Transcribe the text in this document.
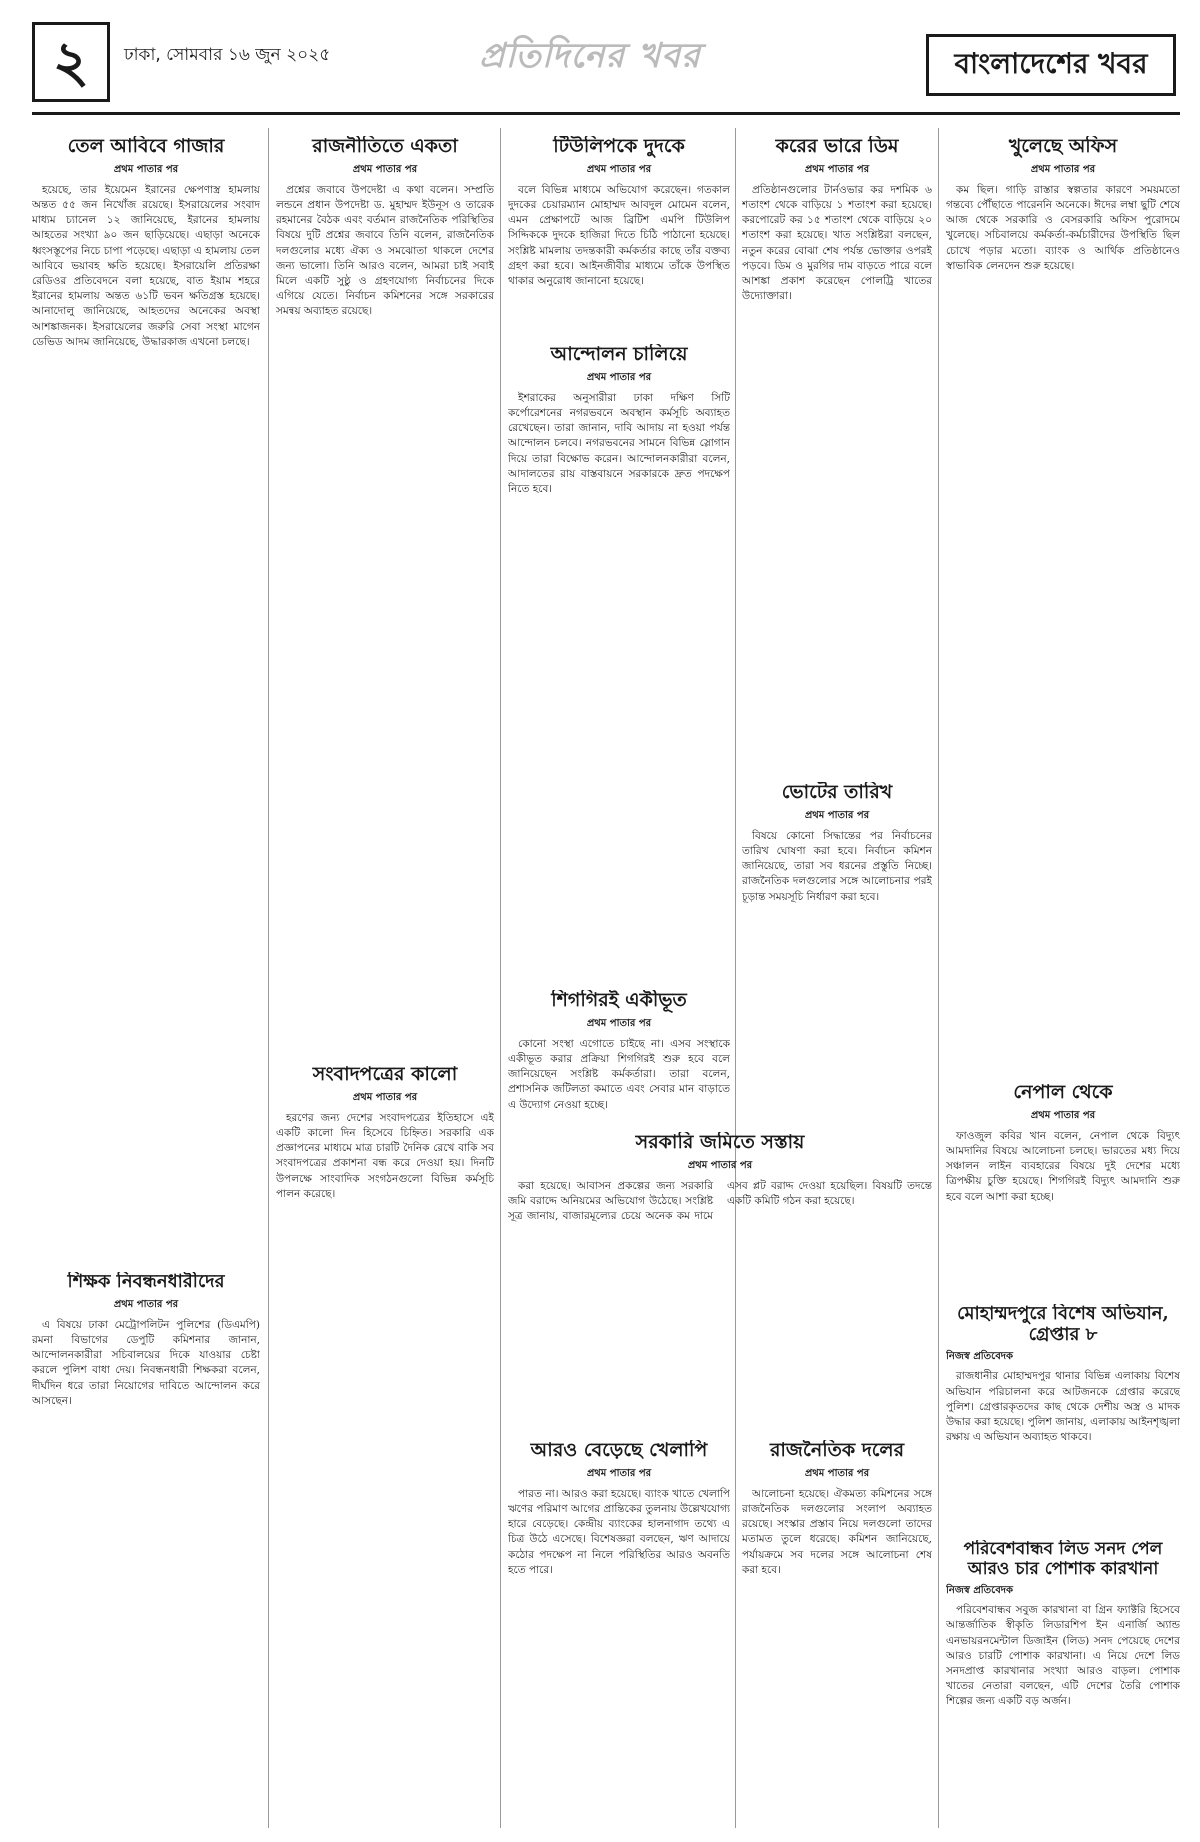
২	ঢাকা, সোমবার ১৬ জুন ২০২৫	প্রতিদিনের খবর	বাংলাদেশের খবর
তেল আবিবে গাজার
প্রথম পাতার পর

হয়েছে, তার ইয়েমেন ইরানের ক্ষেপণাস্ত্র হামলায় অন্তত ৫৫ জন নিখোঁজ রয়েছে। ইসরায়েলের সংবাদ মাধ্যম চ্যানেল ১২ জানিয়েছে, ইরানের হামলায় আহতের সংখ্যা ৯০ জন ছাড়িয়েছে। এছাড়া অনেকে ধ্বংসস্তূপের নিচে চাপা পড়েছে। এছাড়া এ হামলায় তেল আবিবে ভয়াবহ ক্ষতি হয়েছে। ইসরায়েলি প্রতিরক্ষা রেডিওর প্রতিবেদনে বলা হয়েছে, বাত ইয়াম শহরে ইরানের হামলায় অন্তত ৬১টি ভবন ক্ষতিগ্রস্ত হয়েছে। আনাদোলু জানিয়েছে, আহতদের অনেকের অবস্থা আশঙ্কাজনক। ইসরায়েলের জরুরি সেবা সংস্থা মাগেন ডেভিড আদম জানিয়েছে, উদ্ধারকাজ এখনো চলছে।

শিক্ষক নিবন্ধনধারীদের
প্রথম পাতার পর

এ বিষয়ে ঢাকা মেট্রোপলিটন পুলিশের (ডিএমপি) রমনা বিভাগের ডেপুটি কমিশনার জানান, আন্দোলনকারীরা সচিবালয়ের দিকে যাওয়ার চেষ্টা করলে পুলিশ বাধা দেয়। নিবন্ধনধারী শিক্ষকরা বলেন, দীর্ঘদিন ধরে তারা নিয়োগের দাবিতে আন্দোলন করে আসছেন।

রাজনীতিতে একতা
প্রথম পাতার পর

প্রশ্নের জবাবে উপদেষ্টা এ কথা বলেন। সম্প্রতি লন্ডনে প্রধান উপদেষ্টা ড. মুহাম্মদ ইউনূস ও তারেক রহমানের বৈঠক এবং বর্তমান রাজনৈতিক পরিস্থিতির বিষয়ে দুটি প্রশ্নের জবাবে তিনি বলেন, রাজনৈতিক দলগুলোর মধ্যে ঐক্য ও সমঝোতা থাকলে দেশের জন্য ভালো। তিনি আরও বলেন, আমরা চাই সবাই মিলে একটি সুষ্ঠু ও গ্রহণযোগ্য নির্বাচনের দিকে এগিয়ে যেতে। নির্বাচন কমিশনের সঙ্গে সরকারের সমন্বয় অব্যাহত রয়েছে।

সংবাদপত্রের কালো
প্রথম পাতার পর

হরণের জন্য দেশের সংবাদপত্রের ইতিহাসে এই একটি কালো দিন হিসেবে চিহ্নিত। সরকারি এক প্রজ্ঞাপনের মাধ্যমে মাত্র চারটি দৈনিক রেখে বাকি সব সংবাদপত্রের প্রকাশনা বন্ধ করে দেওয়া হয়। দিনটি উপলক্ষে সাংবাদিক সংগঠনগুলো বিভিন্ন কর্মসূচি পালন করেছে।

টিউলিপকে দুদকে
প্রথম পাতার পর

বলে বিভিন্ন মাধ্যমে অভিযোগ করেছেন। গতকাল দুদকের চেয়ারম্যান মোহাম্মদ আবদুল মোমেন বলেন, এমন প্রেক্ষাপটে আজ ব্রিটিশ এমপি টিউলিপ সিদ্দিককে দুদকে হাজিরা দিতে চিঠি পাঠানো হয়েছে। সংশ্লিষ্ট মামলায় তদন্তকারী কর্মকর্তার কাছে তাঁর বক্তব্য গ্রহণ করা হবে। আইনজীবীর মাধ্যমে তাঁকে উপস্থিত থাকার অনুরোধ জানানো হয়েছে।

আন্দোলন চালিয়ে
প্রথম পাতার পর

ইশরাকের অনুসারীরা ঢাকা দক্ষিণ সিটি কর্পোরেশনের নগরভবনে অবস্থান কর্মসূচি অব্যাহত রেখেছেন। তারা জানান, দাবি আদায় না হওয়া পর্যন্ত আন্দোলন চলবে। নগরভবনের সামনে বিভিন্ন স্লোগান দিয়ে তারা বিক্ষোভ করেন। আন্দোলনকারীরা বলেন, আদালতের রায় বাস্তবায়নে সরকারকে দ্রুত পদক্ষেপ নিতে হবে।

শিগগিরই একীভূত
প্রথম পাতার পর

কোনো সংস্থা এগোতে চাইছে না। এসব সংস্থাকে একীভূত করার প্রক্রিয়া শিগগিরই শুরু হবে বলে জানিয়েছেন সংশ্লিষ্ট কর্মকর্তারা। তারা বলেন, প্রশাসনিক জটিলতা কমাতে এবং সেবার মান বাড়াতে এ উদ্যোগ নেওয়া হচ্ছে।

সরকারি জমিতে সস্তায়
প্রথম পাতার পর

করা হয়েছে। আবাসন প্রকল্পের জন্য সরকারি জমি বরাদ্দে অনিয়মের অভিযোগ উঠেছে। সংশ্লিষ্ট সূত্র জানায়, বাজারমূল্যের চেয়ে অনেক কম দামে এসব প্লট বরাদ্দ দেওয়া হয়েছিল। বিষয়টি তদন্তে একটি কমিটি গঠন করা হয়েছে।

আরও বেড়েছে খেলাপি
প্রথম পাতার পর

পারত না। আরও করা হয়েছে। ব্যাংক খাতে খেলাপি ঋণের পরিমাণ আগের প্রান্তিকের তুলনায় উল্লেখযোগ্য হারে বেড়েছে। কেন্দ্রীয় ব্যাংকের হালনাগাদ তথ্যে এ চিত্র উঠে এসেছে। বিশেষজ্ঞরা বলছেন, ঋণ আদায়ে কঠোর পদক্ষেপ না নিলে পরিস্থিতির আরও অবনতি হতে পারে।

করের ভারে ডিম
প্রথম পাতার পর

প্রতিষ্ঠানগুলোর টার্নওভার কর দশমিক ৬ শতাংশ থেকে বাড়িয়ে ১ শতাংশ করা হয়েছে। করপোরেট কর ১৫ শতাংশ থেকে বাড়িয়ে ২০ শতাংশ করা হয়েছে। খাত সংশ্লিষ্টরা বলছেন, নতুন করের বোঝা শেষ পর্যন্ত ভোক্তার ওপরই পড়বে। ডিম ও মুরগির দাম বাড়তে পারে বলে আশঙ্কা প্রকাশ করেছেন পোলট্রি খাতের উদ্যোক্তারা।

ভোটের তারিখ
প্রথম পাতার পর

বিষয়ে কোনো সিদ্ধান্তের পর নির্বাচনের তারিখ ঘোষণা করা হবে। নির্বাচন কমিশন জানিয়েছে, তারা সব ধরনের প্রস্তুতি নিচ্ছে। রাজনৈতিক দলগুলোর সঙ্গে আলোচনার পরই চূড়ান্ত সময়সূচি নির্ধারণ করা হবে।

রাজনৈতিক দলের
প্রথম পাতার পর

আলোচনা হয়েছে। ঐকমত্য কমিশনের সঙ্গে রাজনৈতিক দলগুলোর সংলাপ অব্যাহত রয়েছে। সংস্কার প্রস্তাব নিয়ে দলগুলো তাদের মতামত তুলে ধরেছে। কমিশন জানিয়েছে, পর্যায়ক্রমে সব দলের সঙ্গে আলোচনা শেষ করা হবে।

খুলেছে অফিস
প্রথম পাতার পর

কম ছিল। গাড়ি রাস্তার স্বল্পতার কারণে সময়মতো গন্তব্যে পৌঁছাতে পারেননি অনেকে। ঈদের লম্বা ছুটি শেষে আজ থেকে সরকারি ও বেসরকারি অফিস পুরোদমে খুলেছে। সচিবালয়ে কর্মকর্তা-কর্মচারীদের উপস্থিতি ছিল চোখে পড়ার মতো। ব্যাংক ও আর্থিক প্রতিষ্ঠানেও স্বাভাবিক লেনদেন শুরু হয়েছে।

নেপাল থেকে
প্রথম পাতার পর

ফাওজুল কবির খান বলেন, নেপাল থেকে বিদ্যুৎ আমদানির বিষয়ে আলোচনা চলছে। ভারতের মধ্য দিয়ে সঞ্চালন লাইন ব্যবহারের বিষয়ে দুই দেশের মধ্যে ত্রিপক্ষীয় চুক্তি হয়েছে। শিগগিরই বিদ্যুৎ আমদানি শুরু হবে বলে আশা করা হচ্ছে।

মোহাম্মদপুরে বিশেষ অভিযান, গ্রেপ্তার ৮
নিজস্ব প্রতিবেদক

রাজধানীর মোহাম্মদপুর থানার বিভিন্ন এলাকায় বিশেষ অভিযান পরিচালনা করে আটজনকে গ্রেপ্তার করেছে পুলিশ। গ্রেপ্তারকৃতদের কাছ থেকে দেশীয় অস্ত্র ও মাদক উদ্ধার করা হয়েছে। পুলিশ জানায়, এলাকায় আইনশৃঙ্খলা রক্ষায় এ অভিযান অব্যাহত থাকবে।

পরিবেশবান্ধব লিড সনদ পেল আরও চার পোশাক কারখানা
নিজস্ব প্রতিবেদক

পরিবেশবান্ধব সবুজ কারখানা বা গ্রিন ফ্যাক্টরি হিসেবে আন্তর্জাতিক স্বীকৃতি লিডারশিপ ইন এনার্জি অ্যান্ড এনভায়রনমেন্টাল ডিজাইন (লিড) সনদ পেয়েছে দেশের আরও চারটি পোশাক কারখানা। এ নিয়ে দেশে লিড সনদপ্রাপ্ত কারখানার সংখ্যা আরও বাড়ল। পোশাক খাতের নেতারা বলছেন, এটি দেশের তৈরি পোশাক শিল্পের জন্য একটি বড় অর্জন।
